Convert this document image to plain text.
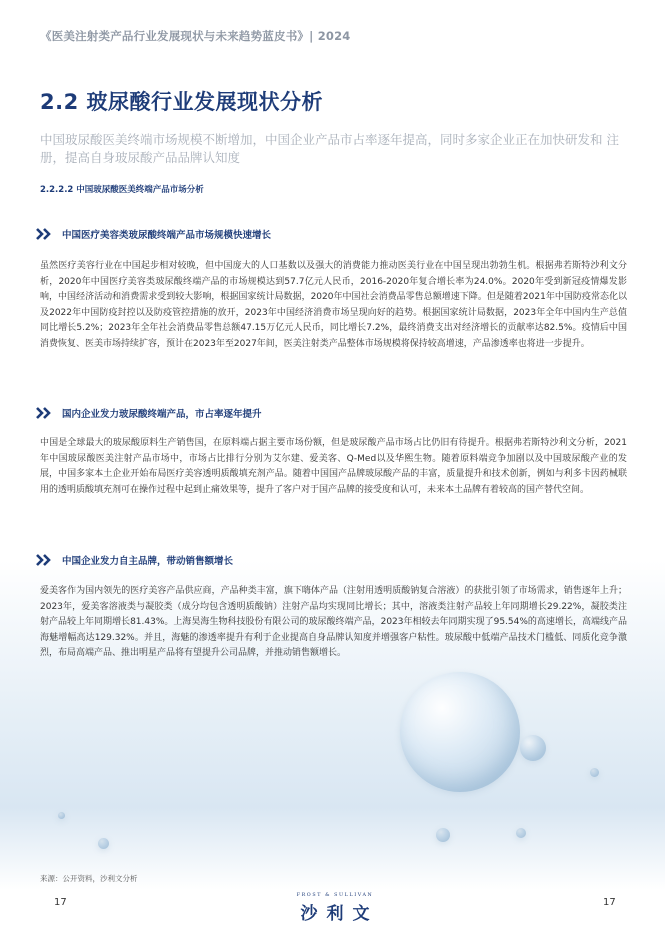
《医美注射类产品行业发展现状与未来趋势蓝皮书》| 2024
2.2 玻尿酸行业发展现状分析
中国玻尿酸医美终端市场规模不断增加，中国企业产品市占率逐年提高，同时多家企业正在加快研发和 注册，提高自身玻尿酸产品品牌认知度
2.2.2.2 中国玻尿酸医美终端产品市场分析
中国医疗美容类玻尿酸终端产品市场规模快速增长
虽然医疗美容行业在中国起步相对较晚，但中国庞大的人口基数以及强大的消费能力推动医美行业在中国呈现出勃勃生机。根据弗若斯特沙利文分析，2020年中国医疗美容类玻尿酸终端产品的市场规模达到57.7亿元人民币，2016-2020年复合增长率为24.0%。2020年受到新冠疫情爆发影响，中国经济活动和消费需求受到较大影响，根据国家统计局数据，2020年中国社会消费品零售总额增速下降。但是随着2021年中国防疫常态化以及2022年中国防疫封控以及防疫管控措施的放开，2023年中国经济消费市场呈现向好的趋势。根据国家统计局数据，2023年全年中国内生产总值同比增长5.2%；2023年全年社会消费品零售总额47.15万亿元人民币，同比增长7.2%，最终消费支出对经济增长的贡献率达82.5%。疫情后中国消费恢复、医美市场持续扩容，预计在2023年至2027年间，医美注射类产品整体市场规模将保持较高增速，产品渗透率也将进一步提升。
国内企业发力玻尿酸终端产品，市占率逐年提升
中国是全球最大的玻尿酸原料生产销售国，在原料端占据主要市场份额，但是玻尿酸产品市场占比仍旧有待提升。根据弗若斯特沙利文分析，2021年中国玻尿酸医美注射产品市场中，市场占比排行分别为艾尔建、爱美客、Q-Med以及华熙生物。随着原料端竞争加剧以及中国玻尿酸产业的发展，中国多家本土企业开始布局医疗美容透明质酸填充剂产品。随着中国国产品牌玻尿酸产品的丰富，质量提升和技术创新，例如与利多卡因药械联用的透明质酸填充剂可在操作过程中起到止痛效果等，提升了客户对于国产品牌的接受度和认可，未来本土品牌有着较高的国产替代空间。
中国企业发力自主品牌，带动销售额增长
爱美客作为国内领先的医疗美容产品供应商，产品种类丰富，旗下嗨体产品（注射用透明质酸钠复合溶液）的获批引领了市场需求，销售逐年上升；2023年，爱美客溶液类与凝胶类（成分均包含透明质酸钠）注射产品均实现同比增长；其中，溶液类注射产品较上年同期增长29.22%，凝胶类注射产品较上年同期增长81.43%。上海昊海生物科技股份有限公司的玻尿酸终端产品，2023年相较去年同期实现了95.54%的高速增长，高端线产品海魅增幅高达129.32%。并且，海魅的渗透率提升有利于企业提高自身品牌认知度并增强客户粘性。玻尿酸中低端产品技术门槛低、同质化竞争激烈，布局高端产品、推出明星产品将有望提升公司品牌，并推动销售额增长。
来源：公开资料，沙利文分析
17	17
FROST & SULLIVAN
沙利文
